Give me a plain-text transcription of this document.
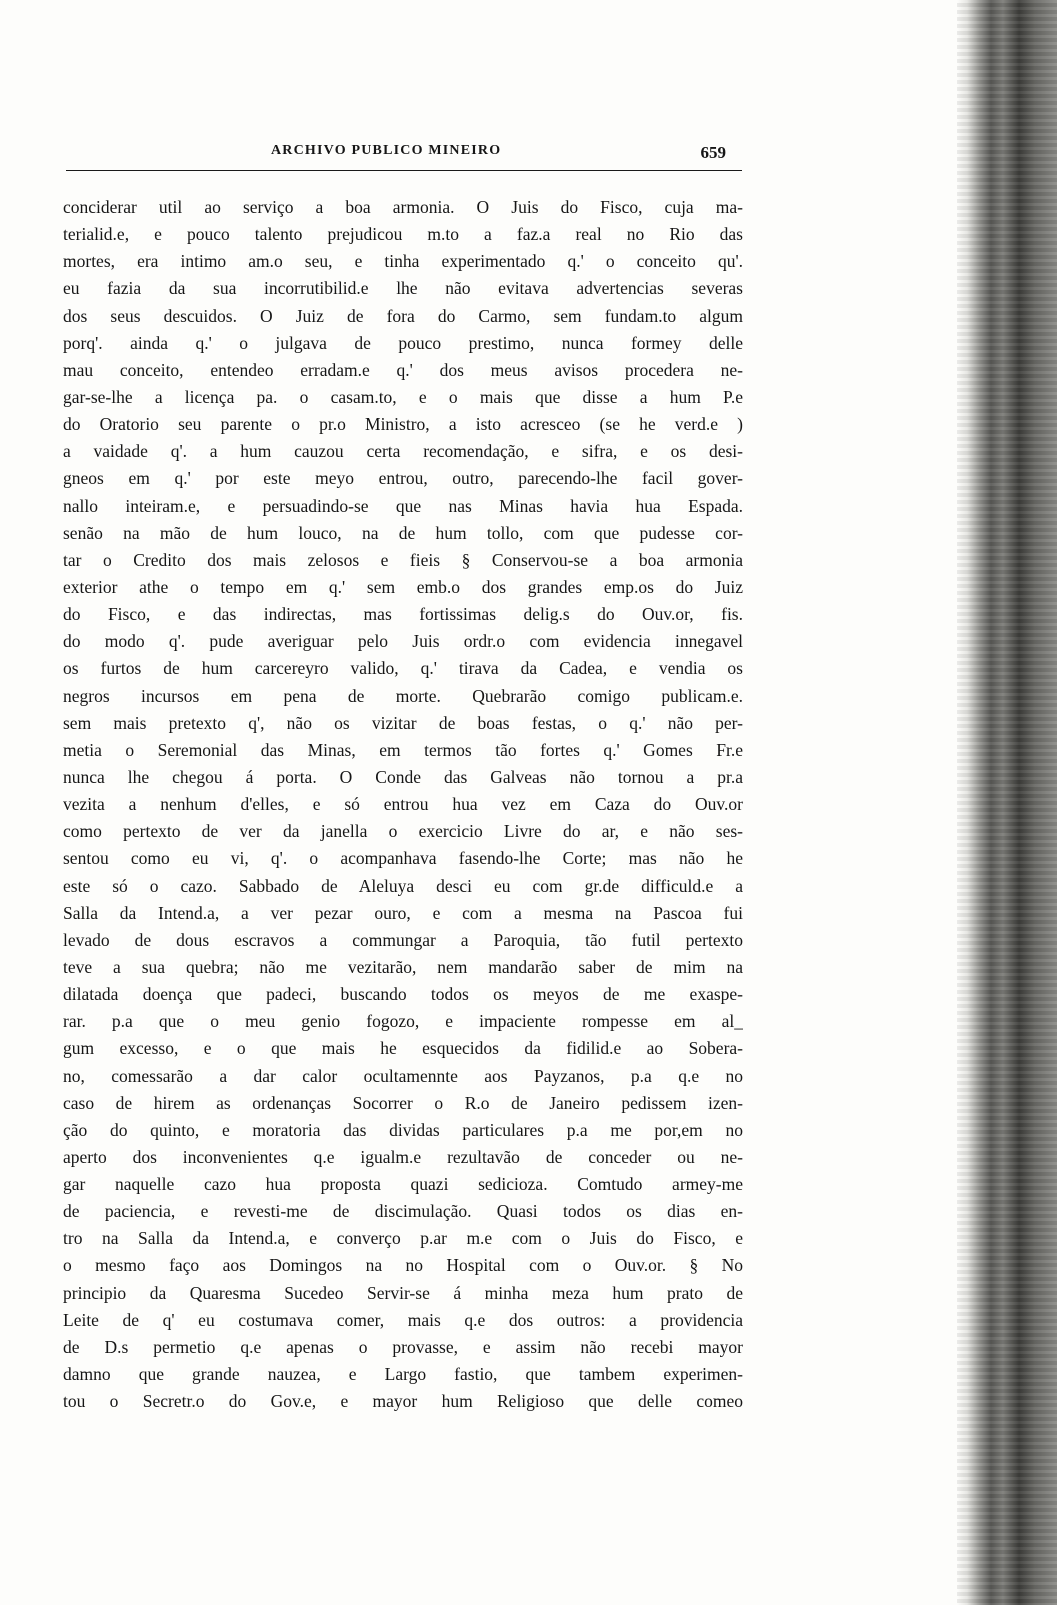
ARCHIVO PUBLICO MINEIRO	659
conciderar util ao serviço a boa armonia. O Juis do Fisco, cuja ma-
terialid.e, e pouco talento prejudicou m.to a faz.a real no Rio das
mortes, era intimo am.o seu, e tinha experimentado q.' o conceito qu'.
eu fazia da sua incorrutibilid.e lhe não evitava advertencias severas
dos seus descuidos. O Juiz de fora do Carmo, sem fundam.to algum
porq'. ainda q.' o julgava de pouco prestimo, nunca formey delle
mau conceito, entendeo erradam.e q.' dos meus avisos procedera ne-
gar-se-lhe a licença pa. o casam.to, e o mais que disse a hum P.e
do Oratorio seu parente o pr.o Ministro, a isto acresceo (se he verd.e )
a vaidade q'. a hum cauzou certa recomendação, e sifra, e os desi-
gneos em q.' por este meyo entrou, outro, parecendo-lhe facil gover-
nallo inteiram.e, e persuadindo-se que nas Minas havia hua Espada.
senão na mão de hum louco, na de hum tollo, com que pudesse cor-
tar o Credito dos mais zelosos e fieis § Conservou-se a boa armonia
exterior athe o tempo em q.' sem emb.o dos grandes emp.os do Juiz
do Fisco, e das indirectas, mas fortissimas delig.s do Ouv.or, fis.
do modo q'. pude averiguar pelo Juis ordr.o com evidencia innegavel
os furtos de hum carcereyro valido, q.' tirava da Cadea, e vendia os
negros incursos em pena de morte. Quebrarão comigo publicam.e.
sem mais pretexto q', não os vizitar de boas festas, o q.' não per-
metia o Seremonial das Minas, em termos tão fortes q.' Gomes Fr.e
nunca lhe chegou á porta. O Conde das Galveas não tornou a pr.a
vezita a nenhum d'elles, e só entrou hua vez em Caza do Ouv.or
como pertexto de ver da janella o exercicio Livre do ar, e não ses-
sentou como eu vi, q'. o acompanhava fasendo-lhe Corte; mas não he
este só o cazo. Sabbado de Aleluya desci eu com gr.de difficuld.e a
Salla da Intend.a, a ver pezar ouro, e com a mesma na Pascoa fui
levado de dous escravos a commungar a Paroquia, tão futil pertexto
teve a sua quebra; não me vezitarão, nem mandarão saber de mim na
dilatada doença que padeci, buscando todos os meyos de me exaspe-
rar. p.a que o meu genio fogozo, e impaciente rompesse em al_
gum excesso, e o que mais he esquecidos da fidilid.e ao Sobera-
no, comessarão a dar calor ocultamennte aos Payzanos, p.a q.e no
caso de hirem as ordenanças Socorrer o R.o de Janeiro pedissem izen-
ção do quinto, e moratoria das dividas particulares p.a me por,em no
aperto dos inconvenientes q.e igualm.e rezultavão de conceder ou ne-
gar naquelle cazo hua proposta quazi sedicioza. Comtudo armey-me
de paciencia, e revesti-me de discimulação. Quasi todos os dias en-
tro na Salla da Intend.a, e converço p.ar m.e com o Juis do Fisco, e
o mesmo faço aos Domingos na no Hospital com o Ouv.or. § No
principio da Quaresma Sucedeo Servir-se á minha meza hum prato de
Leite de q' eu costumava comer, mais q.e dos outros: a providencia
de D.s permetio q.e apenas o provasse, e assim não recebi mayor
damno que grande nauzea, e Largo fastio, que tambem experimen-
tou o Secretr.o do Gov.e, e mayor hum Religioso que delle comeo
